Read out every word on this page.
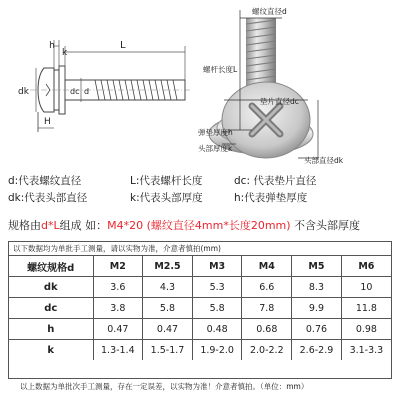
h
k
L
dk	dc d
H
螺纹直径d
螺杆长度L
垫片直径dc
弹垫厚度h
头部厚度k
头部直径dk
d:代表螺纹直径	L:代表螺杆长度	dc: 代表垫片直径
dk:代表头部直径	k:代表头部厚度	h:代表弹垫厚度
规格由d*L组成 如：M4*20 (螺纹直径4mm*长度20mm) 不含头部厚度
以下数据均为单批手工测量，请以实物为准，介意者慎拍(mm)
螺纹规格d	M2	M2.5	M3	M4	M5	M6
dk	3.6	4.3	5.3	6.6	8.3	10
dc	3.8	5.8	5.8	7.8	9.9	11.8
h	0.47	0.47	0.48	0.68	0.76	0.98
k	1.3-1.4	1.5-1.7	1.9-2.0	2.0-2.2	2.6-2.9	3.1-3.3
以上数据为单批次手工测量，存在一定误差，以实物为准！介意者慎拍。（单位：mm）
